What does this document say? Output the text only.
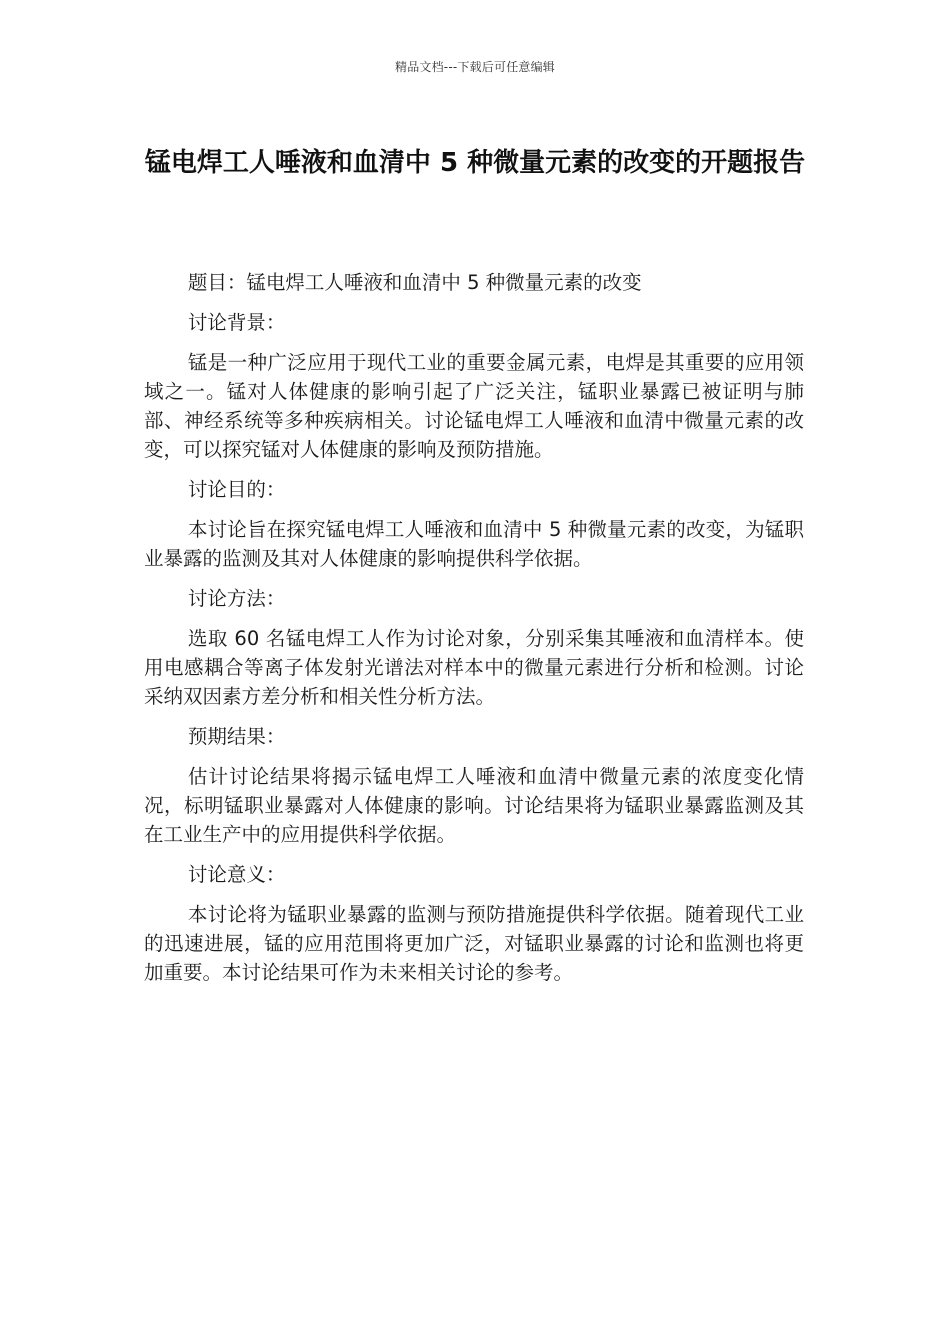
精品文档---下载后可任意编辑
锰电焊工人唾液和血清中 5 种微量元素的改变的开题报告

题目：锰电焊工人唾液和血清中 5 种微量元素的改变

讨论背景：

锰是一种广泛应用于现代工业的重要金属元素，电焊是其重要的应用领域之一。锰对人体健康的影响引起了广泛关注，锰职业暴露已被证明与肺部、神经系统等多种疾病相关。讨论锰电焊工人唾液和血清中微量元素的改变，可以探究锰对人体健康的影响及预防措施。

讨论目的：

本讨论旨在探究锰电焊工人唾液和血清中 5 种微量元素的改变，为锰职业暴露的监测及其对人体健康的影响提供科学依据。

讨论方法：

选取 60 名锰电焊工人作为讨论对象，分别采集其唾液和血清样本。使用电感耦合等离子体发射光谱法对样本中的微量元素进行分析和检测。讨论采纳双因素方差分析和相关性分析方法。

预期结果：

估计讨论结果将揭示锰电焊工人唾液和血清中微量元素的浓度变化情况，标明锰职业暴露对人体健康的影响。讨论结果将为锰职业暴露监测及其在工业生产中的应用提供科学依据。

讨论意义：

本讨论将为锰职业暴露的监测与预防措施提供科学依据。随着现代工业的迅速进展，锰的应用范围将更加广泛，对锰职业暴露的讨论和监测也将更加重要。本讨论结果可作为未来相关讨论的参考。
